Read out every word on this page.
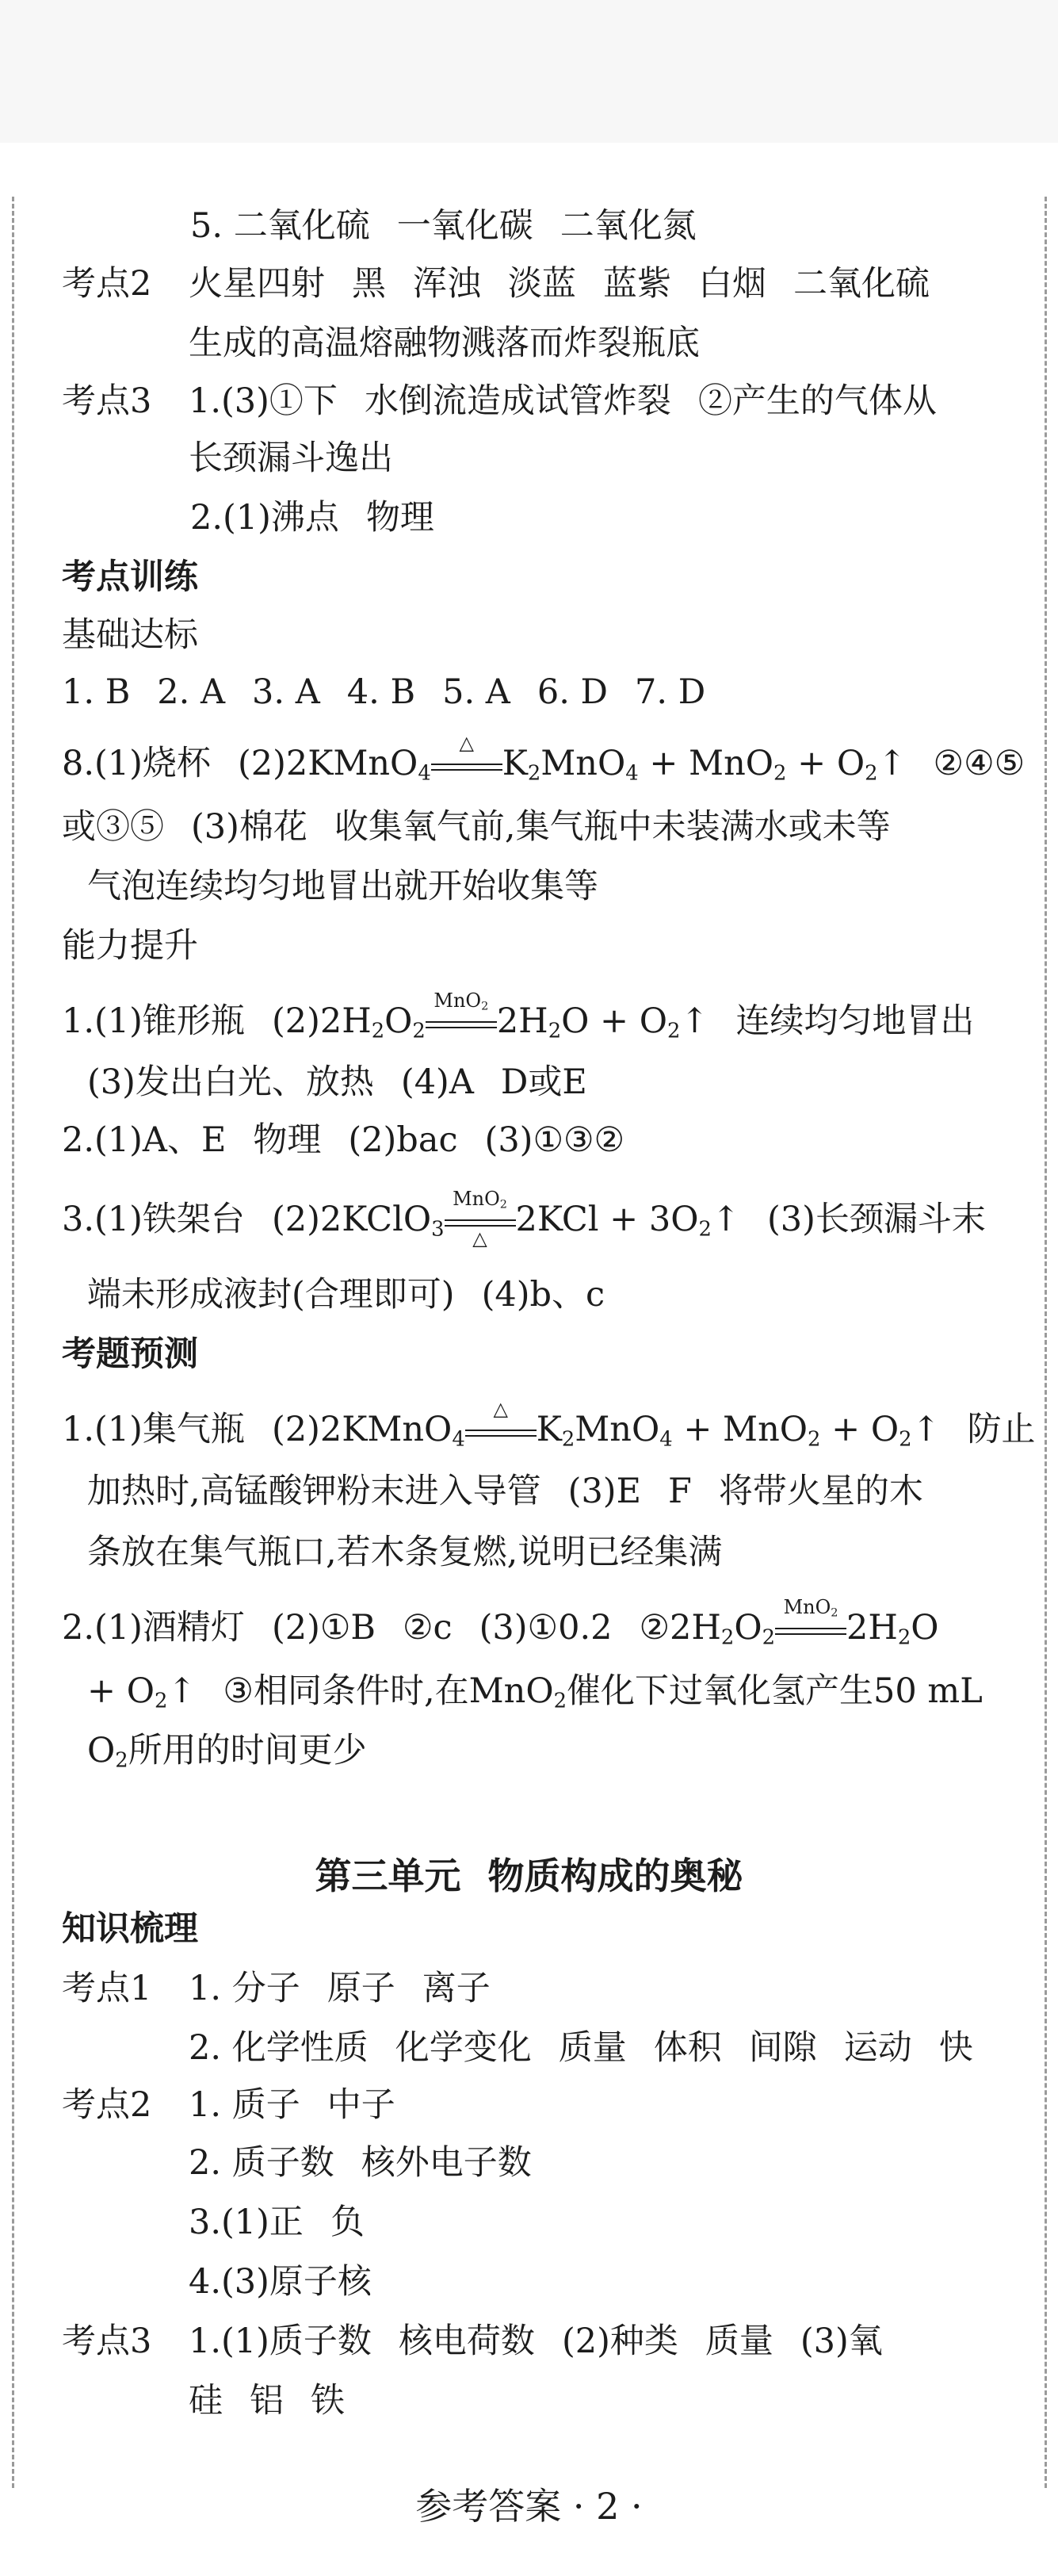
5. 二氧化硫 一氧化碳 二氧化氮
考点2 火星四射 黑 浑浊 淡蓝 蓝紫 白烟 二氧化硫
生成的高温熔融物溅落而炸裂瓶底
考点3 1.(3)①下 水倒流造成试管炸裂 ②产生的气体从
长颈漏斗逸出
2.(1)沸点 物理
考点训练
基础达标
1. B 2. A 3. A 4. B 5. A 6. D 7. D
8.(1)烧杯 (2)2KMnO$_4$
△
$K_2MnO_4 + MnO_2$ + $O_2↑$ ②④⑤
或③⑤ (3)棉花 收集氧气前,集气瓶中未装满水或未等
气泡连续均匀地冒出就开始收集等
能力提升
1.(1)锥形瓶 $(2)2H_2O_2$
MnO$_2$ $2H_2O$ + $O_2↑$ 连续均匀地冒出
(3)发出白光、放热 (4)A D或E
2.(1)A、E 物理 (2)bac (3)①③②
3.(1)铁架台 (2)2KClO$_3$
MnO$_2$
△ $2KCl + 3O_2↑$ (3)长颈漏斗末
端未形成液封(合理即可) (4)b、c
考题预测
1.(1)集气瓶 (2)2KMnO$_4$
△
$K_2MnO_4 + MnO_2$ + $O_2↑$ 防止
加热时,高锰酸钾粉末进入导管 (3)E F 将带火星的木
条放在集气瓶口,若木条复燃,说明已经集满
2.(1)酒精灯 (2)①B ②c (3)①0.2 $②2H_2O_2$
MnO$_2$ $2H_2O$
+ $O_2↑$ ③相同条件时,在MnO$_2$催化下过氧化氢产生50 mL
$O_2$所用的时间更少
第三单元 物质构成的奥秘
知识梳理
考点1 1. 分子 原子 离子
2. 化学性质 化学变化 质量 体积 间隙 运动 快
考点2 1. 质子 中子
2. 质子数 核外电子数
3.(1)正 负
4.(3)原子核
考点3 1.(1)质子数 核电荷数 (2)种类 质量 (3)氧
硅 铝 铁
参考答案 · 2 ·
